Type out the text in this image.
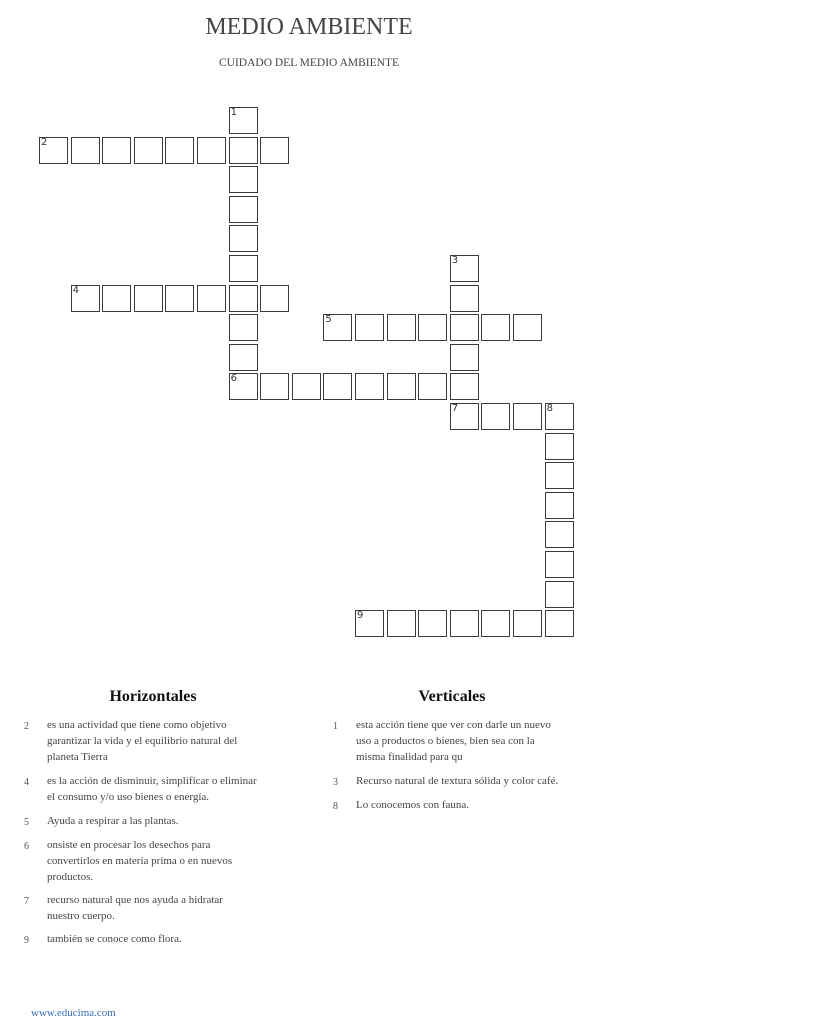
MEDIO AMBIENTE
CUIDADO DEL MEDIO AMBIENTE
1
2
3
4
5
6
7	8
9
Horizontales	Verticales
2	es una actividad que tiene como objetivo
garantizar la vida y el equilibrio natural del
planeta Tierra
4	es la acción de disminuir, simplificar o eliminar
el consumo y/o uso bienes o energía.
5	Ayuda a respirar a las plantas.
6	onsiste en procesar los desechos para
convertirlos en materia prima o en nuevos
productos.
7	recurso natural que nos ayuda a hidratar
nuestro cuerpo.
9	también se conoce como flora.
1	esta acción tiene que ver con darle un nuevo
uso a productos o bienes, bien sea con la
misma finalidad para qu
3	Recurso natural de textura sólida y color café.
8	Lo conocemos con fauna.
www.educima.com
